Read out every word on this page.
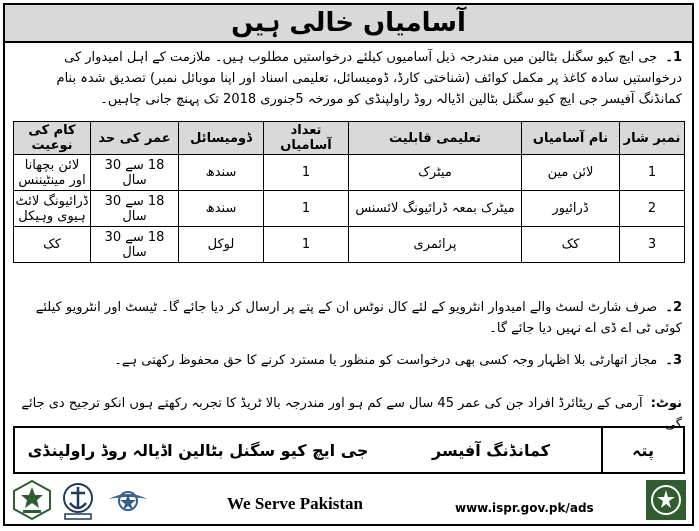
آسامیاں خالی ہیں
1۔ جی ایچ کیو سگنل بٹالین میں مندرجہ ذیل آسامیوں کیلئے درخواستیں مطلوب ہیں۔ ملازمت کے اہل امیدوار کی درخواستیں سادہ کاغذ پر مکمل کوائف (شناختی کارڈ، ڈومیسائل، تعلیمی اسناد اور اپنا موبائل نمبر) تصدیق شدہ بنام کمانڈنگ آفیسر جی ایچ کیو سگنل بٹالین اڈیالہ روڈ راولپنڈی کو مورخہ 5جنوری 2018 تک پہنچ جانی چاہیں۔
نمبر شار	نام آسامیاں	تعلیمی قابلیت	تعداد آسامیاں	ڈومیسائل	عمر کی حد	کام کی نوعیت
1	لائن مین	میٹرک	1	سندھ	18 سے 30 سال	لائن بچھانا اور مینٹیننس
2	ڈرائیور	میٹرک بمعہ ڈرائیونگ لائسنس	1	سندھ	18 سے 30 سال	ڈرائیونگ لائٹ ہیوی وہیکل
3	کک	پرائمری	1	لوکل	18 سے 30 سال	کک
2۔ صرف شارٹ لسٹ والے امیدوار انٹرویو کے لئے کال نوٹس ان کے پتے پر ارسال کر دیا جائے گا۔ ٹیسٹ اور انٹرویو کیلئے کوئی ٹی اے ڈی اے نہیں دیا جائے گا۔
3۔ مجاز اتھارٹی بلا اظہار وجہ کسی بھی درخواست کو منظور یا مسترد کرنے کا حق محفوظ رکھتی ہے۔
نوٹ: آرمی کے ریٹائرڈ افراد جن کی عمر 45 سال سے کم ہو اور مندرجہ بالا ٹریڈ کا تجربہ رکھتے ہوں انکو ترجیح دی جائے گی۔
پتہ
کمانڈنگ آفیسر
جی ایچ کیو سگنل بٹالین اڈیالہ روڈ راولپنڈی
We Serve Pakistan	www.ispr.gov.pk/ads
